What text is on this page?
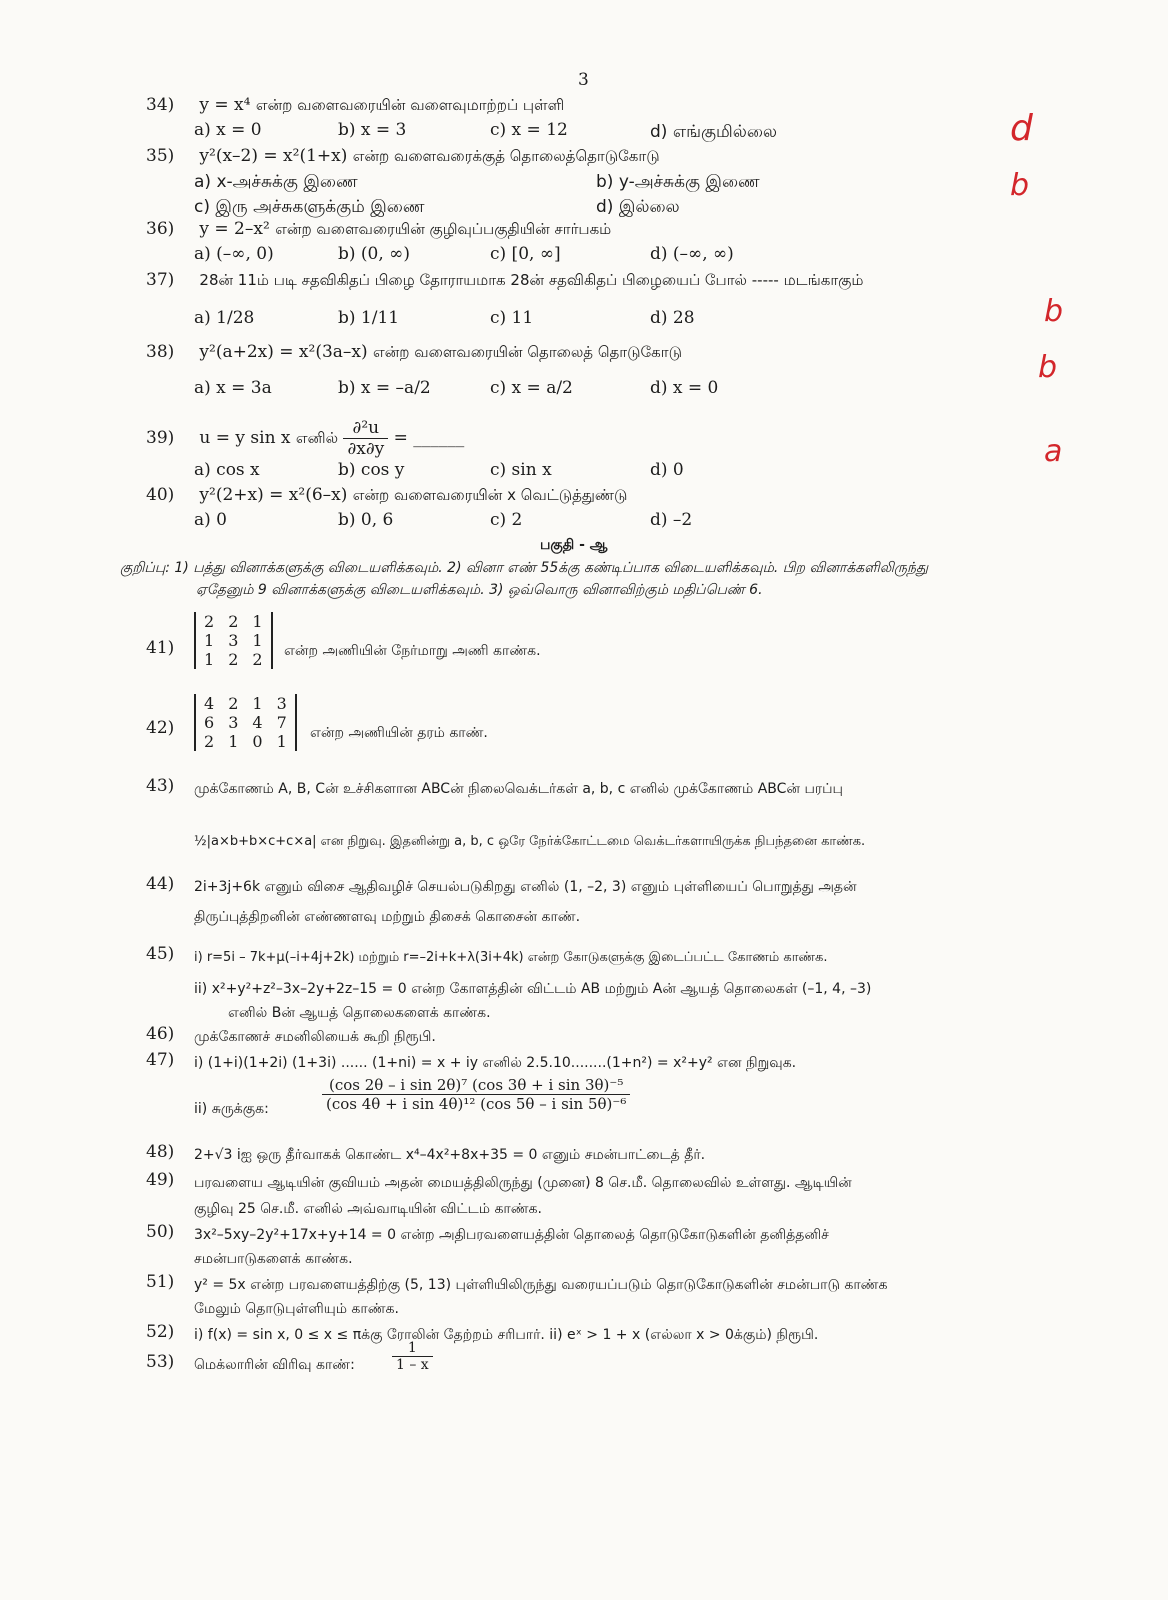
3
34) y = x⁴ என்ற வளைவரையின் வளைவுமாற்றப் புள்ளி
a) x = 0	b) x = 3	c) x = 12	d) எங்குமில்லை
35) y²(x–2) = x²(1+x) என்ற வளைவரைக்குத் தொலைத்தொடுகோடு
a) x-அச்சுக்கு இணை	b) y-அச்சுக்கு இணை
c) இரு அச்சுகளுக்கும் இணை	d) இல்லை
36) y = 2–x² என்ற வளைவரையின் குழிவுப்பகுதியின் சார்பகம்
a) (–∞, 0)	b) (0, ∞)	c) [0, ∞]	d) (–∞, ∞)
37) 28ன் 11ம் படி சதவிகிதப் பிழை தோராயமாக 28ன் சதவிகிதப் பிழையைப் போல் ----- மடங்காகும்
a) 1/28	b) 1/11	c) 11	d) 28
38) y²(a+2x) = x²(3a–x) என்ற வளைவரையின் தொலைத் தொடுகோடு
a) x = 3a	b) x = –a/2	c) x = a/2	d) x = 0
39) u = y sin x எனில் $\frac{\text{∂²u}}{\partial x\partial y}$ = ______
a) cos x	b) cos y	c) sin x	d) 0
40) y²(2+x) = x²(6–x) என்ற வளைவரையின் x வெட்டுத்துண்டு
a) 0	b) 0, 6	c) 2	d) –2
பகுதி - ஆ
குறிப்பு: 1) பத்து வினாக்களுக்கு விடையளிக்கவும். 2) வினா எண் 55க்கு கண்டிப்பாக விடையளிக்கவும். பிற வினாக்களிலிருந்து
ஏதேனும் 9 வினாக்களுக்கு விடையளிக்கவும். 3) ஒவ்வொரு வினாவிற்கும் மதிப்பெண் 6.
41)
2 2 1
1 3 1
1 2 2 என்ற அணியின் நேர்மாறு அணி காண்க.
42)
4 2 1 3
6 3 4 7
2 1 0 1 என்ற அணியின் தரம் காண்.
43) முக்கோணம் A, B, Cன் உச்சிகளான ABCன் நிலைவெக்டர்கள் a, b, c எனில் முக்கோணம் ABCன் பரப்பு
½|a×b+b×c+c×a| என நிறுவு. இதனின்று a, b, c ஒரே நேர்க்கோட்டமை வெக்டர்களாயிருக்க நிபந்தனை காண்க.
44) 2i+3j+6k எனும் விசை ஆதிவழிச் செயல்படுகிறது எனில் (1, –2, 3) எனும் புள்ளியைப் பொறுத்து அதன்
திருப்புத்திறனின் எண்ணளவு மற்றும் திசைக் கொசைன் காண்.
45) i) r=5i – 7k+μ(–i+4j+2k) மற்றும் r=–2i+k+λ(3i+4k) என்ற கோடுகளுக்கு இடைப்பட்ட கோணம் காண்க.
ii) x²+y²+z²–3x–2y+2z–15 = 0 என்ற கோளத்தின் விட்டம் AB மற்றும் Aன் ஆயத் தொலைகள் (–1, 4, –3)
எனில் Bன் ஆயத் தொலைகளைக் காண்க.
46) முக்கோணச் சமனிலியைக் கூறி நிரூபி.
47) i) (1+i)(1+2i) (1+3i) ...... (1+ni) = x + iy எனில் 2.5.10........(1+n²) = x²+y² என நிறுவுக.
ii) சுருக்குக:	$\frac{\text{(cos 2θ – i sin 2θ)⁷ (cos 3θ + i sin 3θ)⁻⁵}}{\text{(cos 4θ + i sin 4θ)¹² (cos 5θ – i sin 5θ)⁻⁶}}$
48) 2+√3 iஐ ஒரு தீர்வாகக் கொண்ட x⁴–4x²+8x+35 = 0 எனும் சமன்பாட்டைத் தீர்.
49) பரவளைய ஆடியின் குவியம் அதன் மையத்திலிருந்து (முனை) 8 செ.மீ. தொலைவில் உள்ளது. ஆடியின்
குழிவு 25 செ.மீ. எனில் அவ்வாடியின் விட்டம் காண்க.
50) 3x²–5xy–2y²+17x+y+14 = 0 என்ற அதிபரவளையத்தின் தொலைத் தொடுகோடுகளின் தனித்தனிச்
சமன்பாடுகளைக் காண்க.
51) y² = 5x என்ற பரவளையத்திற்கு (5, 13) புள்ளியிலிருந்து வரையப்படும் தொடுகோடுகளின் சமன்பாடு காண்க
மேலும் தொடுபுள்ளியும் காண்க.
52) i) f(x) = sin x, 0 ≤ x ≤ πக்கு ரோலின் தேற்றம் சரிபார். ii) eˣ > 1 + x (எல்லா x > 0க்கும்) நிரூபி.
53) மெக்லாரின் விரிவு காண்:	$\frac{1}{1 - x}$
d
b
b
b
a
